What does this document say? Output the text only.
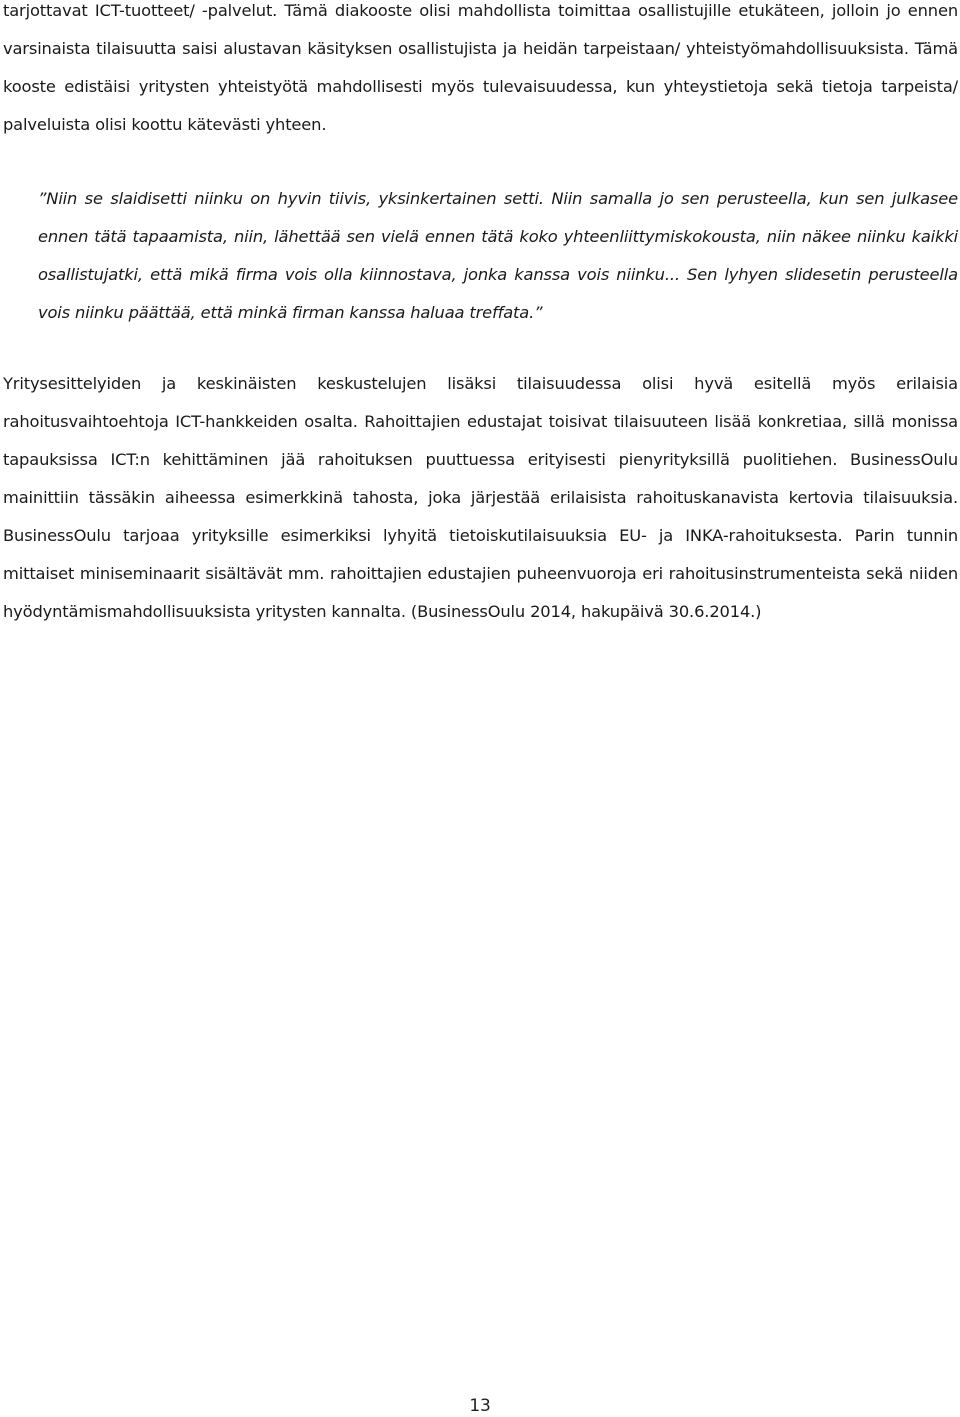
tarjottavat ICT-tuotteet/ -palvelut. Tämä diakooste olisi mahdollista toimittaa osallistujille etukäteen, jolloin jo ennen varsinaista tilaisuutta saisi alustavan käsityksen osallistujista ja heidän tarpeistaan/ yhteistyömahdollisuuksista. Tämä kooste edistäisi yritysten yhteistyötä mahdollisesti myös tulevaisuudessa, kun yhteystietoja sekä tietoja tarpeista/ palveluista olisi koottu kätevästi yhteen.

”Niin se slaidisetti niinku on hyvin tiivis, yksinkertainen setti. Niin samalla jo sen perusteella, kun sen julkasee ennen tätä tapaamista, niin, lähettää sen vielä ennen tätä koko yhteenliittymiskokousta, niin näkee niinku kaikki osallistujatki, että mikä firma vois olla kiinnostava, jonka kanssa vois niinku... Sen lyhyen slidesetin perusteella vois niinku päättää, että minkä firman kanssa haluaa treffata.”

Yritysesittelyiden ja keskinäisten keskustelujen lisäksi tilaisuudessa olisi hyvä esitellä myös erilaisia rahoitusvaihtoehtoja ICT-hankkeiden osalta. Rahoittajien edustajat toisivat tilaisuuteen lisää konkretiaa, sillä monissa tapauksissa ICT:n kehittäminen jää rahoituksen puuttuessa erityisesti pienyrityksillä puolitiehen. BusinessOulu mainittiin tässäkin aiheessa esimerkkinä tahosta, joka järjestää erilaisista rahoituskanavista kertovia tilaisuuksia. BusinessOulu tarjoaa yrityksille esimerkiksi lyhyitä tietoiskutilaisuuksia EU- ja INKA-rahoituksesta. Parin tunnin mittaiset miniseminaarit sisältävät mm. rahoittajien edustajien puheenvuoroja eri rahoitusinstrumenteista sekä niiden hyödyntämismahdollisuuksista yritysten kannalta. (BusinessOulu 2014, hakupäivä 30.6.2014.)

13
